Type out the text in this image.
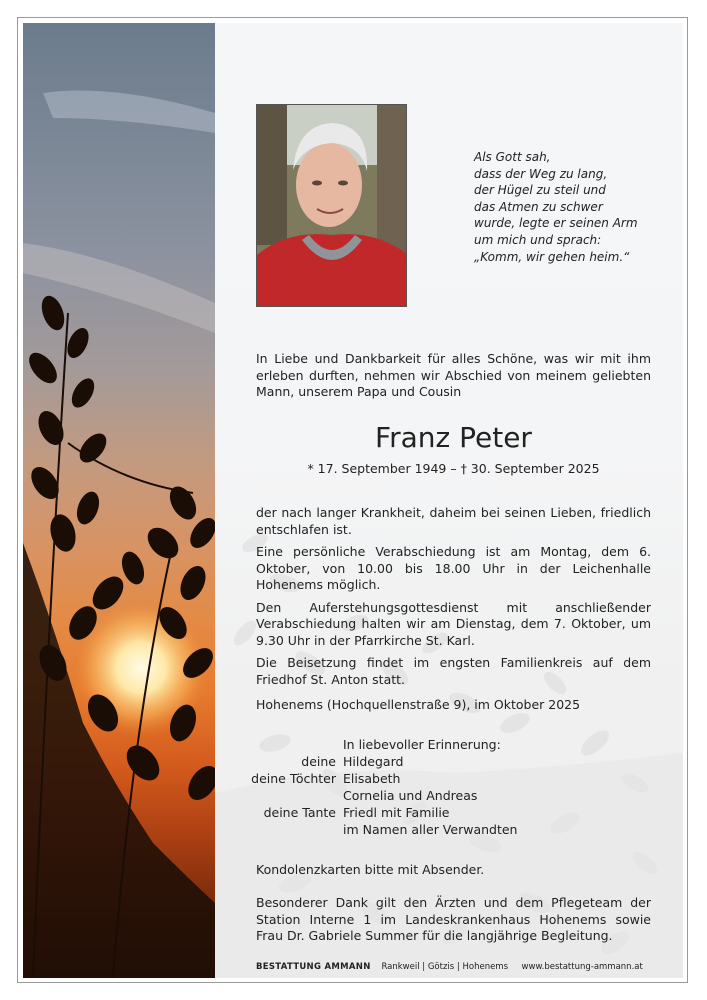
Als Gott sah,
dass der Weg zu lang,
der Hügel zu steil und
das Atmen zu schwer
wurde, legte er seinen Arm
um mich und sprach:
„Komm, wir gehen heim.“
In Liebe und Dankbarkeit für alles Schöne, was wir mit ihm erleben durften, nehmen wir Abschied von meinem geliebten Mann, unserem Papa und Cousin
Franz Peter
* 17. September 1949 – † 30. September 2025

der nach langer Krankheit, daheim bei seinen Lieben, friedlich entschlafen ist.

Eine persönliche Verabschiedung ist am Montag, dem 6. Oktober, von 10.00 bis 18.00 Uhr in der Leichenhalle Hohenems möglich.

Den Auferstehungsgottesdienst mit anschließender Verabschiedung halten wir am Dienstag, dem 7. Oktober, um 9.30 Uhr in der Pfarrkirche St. Karl.

Die Beisetzung findet im engsten Familienkreis auf dem Friedhof St. Anton statt.

Hohenems (Hochquellenstraße 9), im Oktober 2025
deine
deine Töchter
deine Tante
In liebevoller Erinnerung:
Hildegard
Elisabeth
Cornelia und Andreas
Friedl mit Familie
im Namen aller Verwandten
Kondolenzkarten bitte mit Absender.
Besonderer Dank gilt den Ärzten und dem Pflegeteam der Station Interne 1 im Landeskrankenhaus Hohenems sowie Frau Dr. Gabriele Summer für die langjährige Begleitung.
BESTATTUNG AMMANN Rankweil | Götzis | Hohenems www.bestattung-ammann.at
